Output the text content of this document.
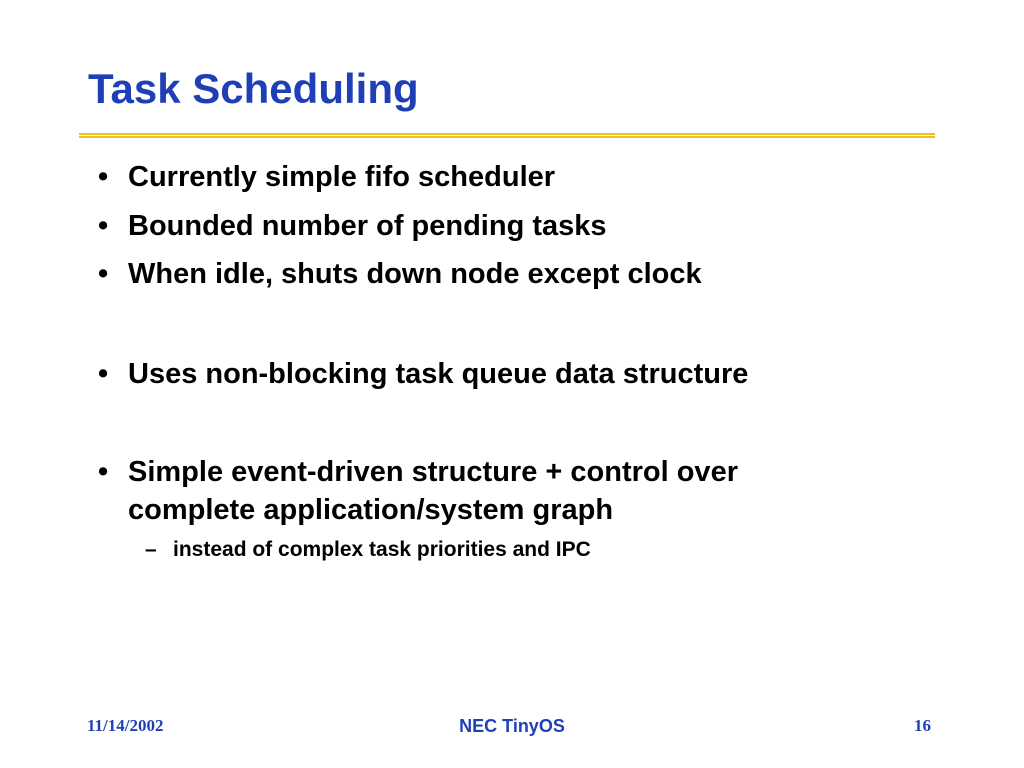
Task Scheduling
• Currently simple fifo scheduler
• Bounded number of pending tasks
• When idle, shuts down node except clock
• Uses non-blocking task queue data structure
• Simple event-driven structure + control over complete application/system graph
– instead of complex task priorities and IPC
11/14/2002	NEC TinyOS	16
